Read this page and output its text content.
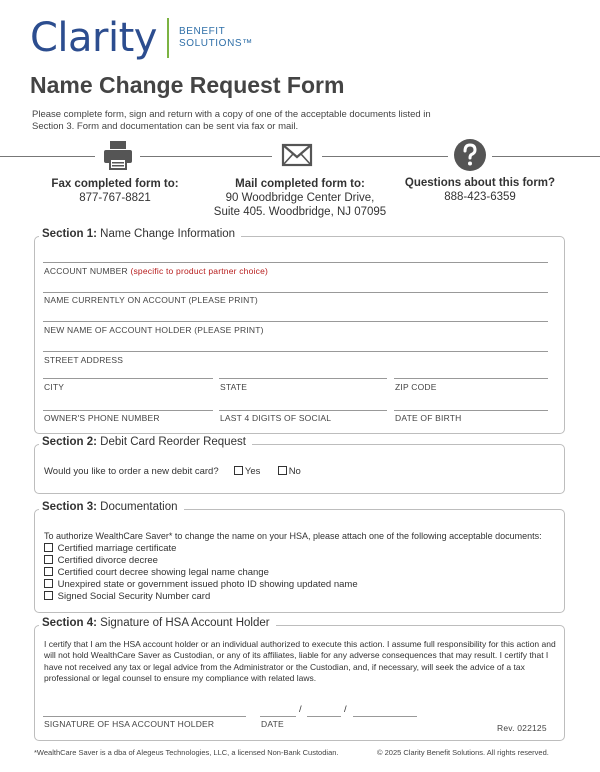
Clarity BENEFIT
SOLUTIONS™
Name Change Request Form
Please complete form, sign and return with a copy of one of the acceptable documents listed in Section 3. Form and documentation can be sent via fax or mail.
Fax completed form to:
877-767-8821
Mail completed form to:
90 Woodbridge Center Drive,
Suite 405. Woodbridge, NJ 07095
Questions about this form?
888-423-6359
Section 1: Name Change Information
ACCOUNT NUMBER (specific to product partner choice)
NAME CURRENTLY ON ACCOUNT (PLEASE PRINT)
NEW NAME OF ACCOUNT HOLDER (PLEASE PRINT)
STREET ADDRESS
CITY	STATE	ZIP CODE
OWNER'S PHONE NUMBER	LAST 4 DIGITS OF SOCIAL	DATE OF BIRTH
Section 2: Debit Card Reorder Request
Would you like to order a new debit card?	Yes	No
Section 3: Documentation
To authorize WealthCare Saver* to change the name on your HSA, please attach one of the following acceptable documents:
Certified marriage certificate
Certified divorce decree
Certified court decree showing legal name change
Unexpired state or government issued photo ID showing updated name
Signed Social Security Number card
Section 4: Signature of HSA Account Holder
I certify that I am the HSA account holder or an individual authorized to execute this action. I assume full responsibility for this action and will not hold WealthCare Saver as Custodian, or any of its affiliates, liable for any adverse consequences that may result. I certify that I have not received any tax or legal advice from the Administrator or the Custodian, and, if necessary, will seek the advice of a tax professional or legal counsel to ensure my compliance with related laws.
SIGNATURE OF HSA ACCOUNT HOLDER
/	/
DATE	Rev. 022125
*WealthCare Saver is a dba of Alegeus Technologies, LLC, a licensed Non-Bank Custodian.	© 2025 Clarity Benefit Solutions. All rights reserved.
